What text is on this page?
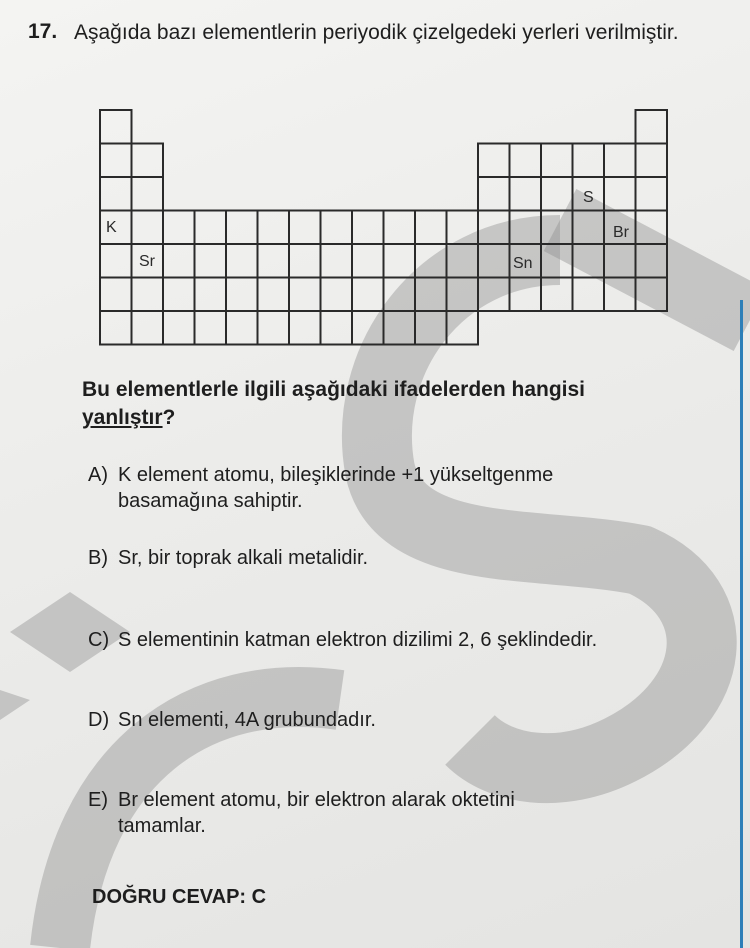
17. Aşağıda bazı elementlerin periyodik çizelgedeki yerleri verilmiştir.
K
Sr	Sn
S
Br
Bu elementlerle ilgili aşağıdaki ifadelerden hangisi
yanlıştır?
A) K element atomu, bileşiklerinde +1 yükseltgenme
basamağına sahiptir.
B) Sr, bir toprak alkali metalidir.
C) S elementinin katman elektron dizilimi 2, 6 şeklindedir.
D) Sn elementi, 4A grubundadır.
E) Br element atomu, bir elektron alarak oktetini
tamamlar.
DOĞRU CEVAP: C
